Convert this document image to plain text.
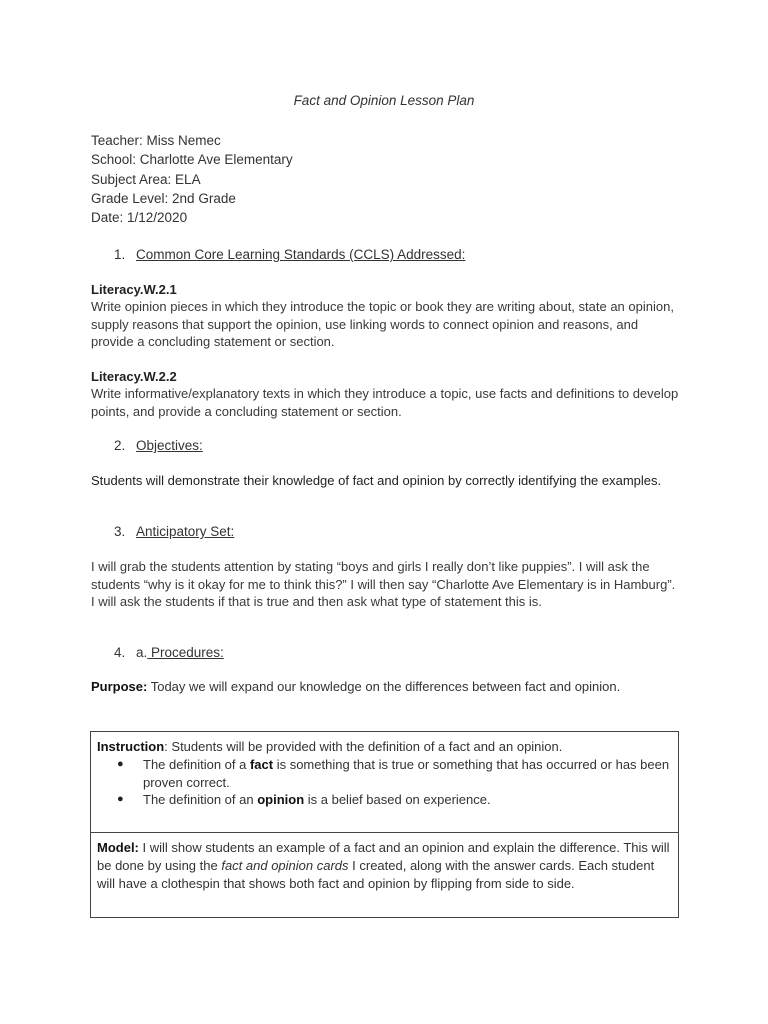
Fact and Opinion Lesson Plan
Teacher: Miss Nemec
School: Charlotte Ave Elementary
Subject Area: ELA
Grade Level: 2nd Grade
Date: 1/12/2020
1. Common Core Learning Standards (CCLS) Addressed:
Literacy.W.2.1
Write opinion pieces in which they introduce the topic or book they are writing about, state an opinion, supply reasons that support the opinion, use linking words to connect opinion and reasons, and provide a concluding statement or section.
Literacy.W.2.2
Write informative/explanatory texts in which they introduce a topic, use facts and definitions to develop points, and provide a concluding statement or section.
2. Objectives:
Students will demonstrate their knowledge of fact and opinion by correctly identifying the examples.
3. Anticipatory Set:
I will grab the students attention by stating “boys and girls I really don’t like puppies”. I will ask the students “why is it okay for me to think this?” I will then say “Charlotte Ave Elementary is in Hamburg”. I will ask the students if that is true and then ask what type of statement this is.
4. a. Procedures:
Purpose: Today we will expand our knowledge on the differences between fact and opinion.
Instruction: Students will be provided with the definition of a fact and an opinion.
●	The definition of a fact is something that is true or something that has occurred or has been proven correct.
●	The definition of an opinion is a belief based on experience.

Model: I will show students an example of a fact and an opinion and explain the difference. This will be done by using the fact and opinion cards I created, along with the answer cards. Each student will have a clothespin that shows both fact and opinion by flipping from side to side.
